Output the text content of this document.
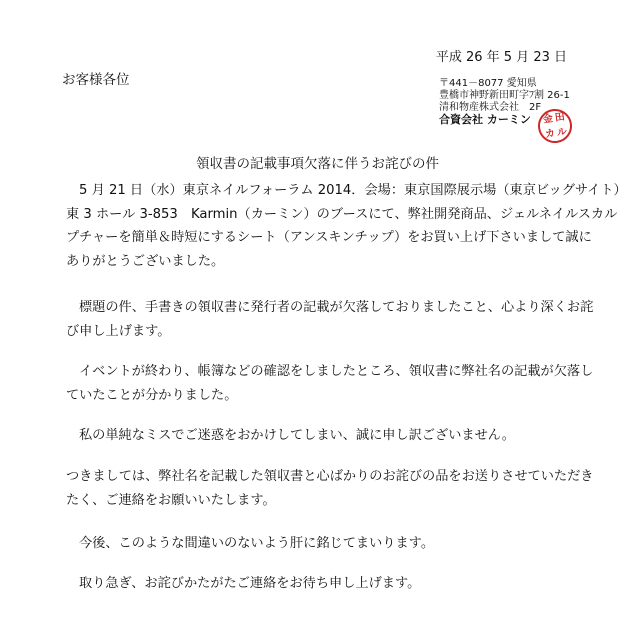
平成 26 年 5 月 23 日
お客様各位	〒441－8077 愛知県
豊橋市神野新田町字ﾌ割 26-1
清和物産株式会社　2F
合資会社 カーミン	金 田
カ ル
領収書の記載事項欠落に伴うお詫びの件
5 月 21 日（水）東京ネイルフォーラム 2014．会場：東京国際展示場（東京ビッグサイト）
東 3 ホール 3-853　Karmin（カーミン）のブースにて、弊社開発商品、ジェルネイルスカル
プチャーを簡単＆時短にするシート（アンスキンチップ）をお買い上げ下さいまして誠に
ありがとうございました。
標題の件、手書きの領収書に発行者の記載が欠落しておりましたこと、心より深くお詫
び申し上げます。
イベントが終わり、帳簿などの確認をしましたところ、領収書に弊社名の記載が欠落し
ていたことが分かりました。
私の単純なミスでご迷惑をおかけしてしまい、誠に申し訳ございません。
つきましては、弊社名を記載した領収書と心ばかりのお詫びの品をお送りさせていただき
たく、ご連絡をお願いいたします。
今後、このような間違いのないよう肝に銘じてまいります。
取り急ぎ、お詫びかたがたご連絡をお待ち申し上げます。
